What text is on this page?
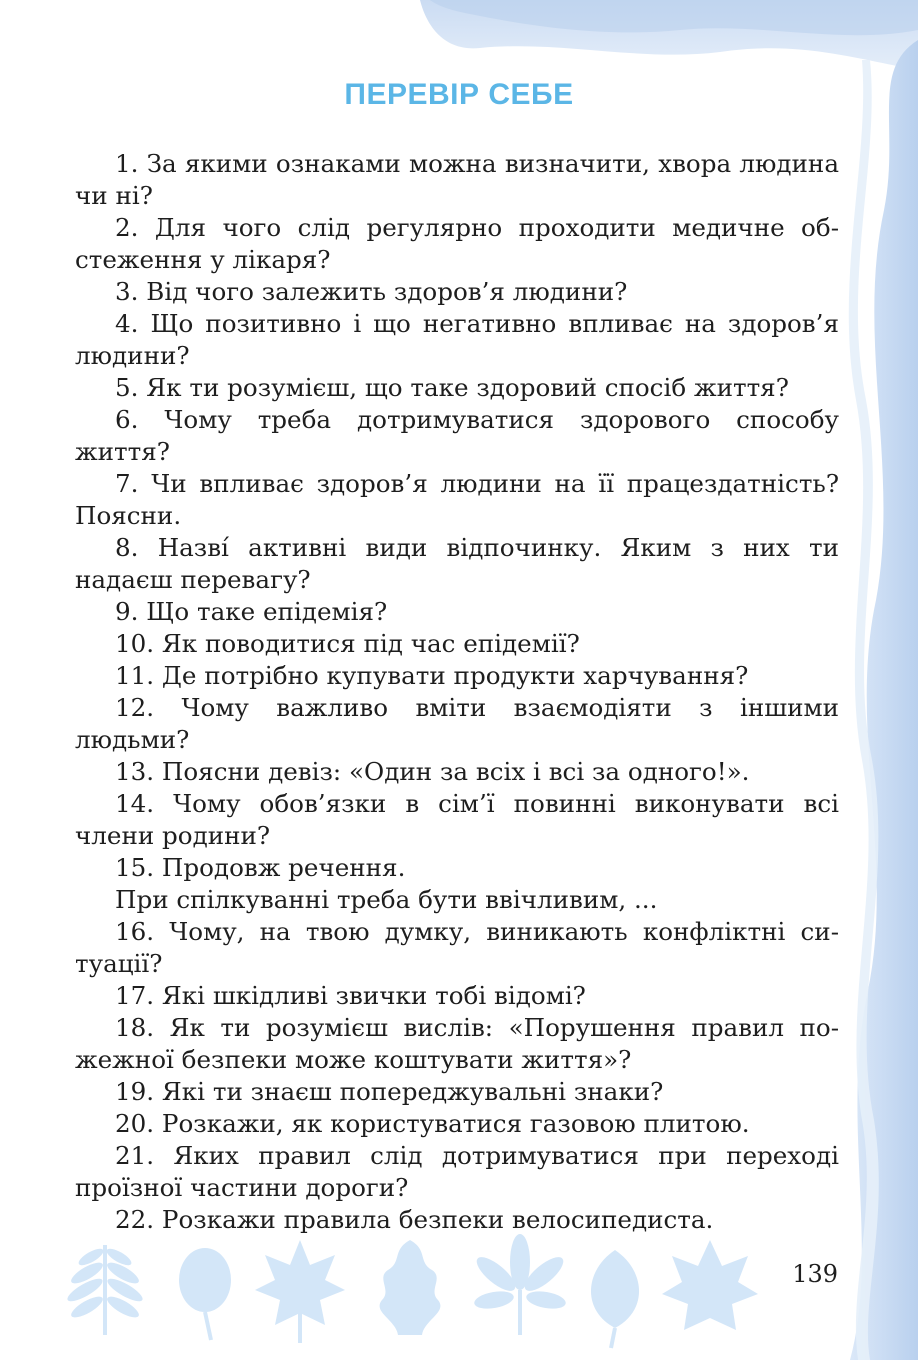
ПЕРЕВІР СЕБЕ

1. За якими ознаками можна визначити, хвора людина чи ні?

2. Для чого слід регулярно проходити медичне обстеження у лікаря?

3. Від чого залежить здоров’я людини?

4. Що позитивно і що негативно впливає на здоров’я людини?

5. Як ти розумієш, що таке здоровий спосіб життя?

6. Чому треба дотримуватися здорового способу життя?

7. Чи впливає здоров’я людини на її працездатність? Поясни.

8. Назві́ активні види відпочинку. Яким з них ти надаєш перевагу?

9. Що таке епідемія?

10. Як поводитися під час епідемії?

11. Де потрібно купувати продукти харчування?

12. Чому важливо вміти взаємодіяти з іншими людьми?

13. Поясни девіз: «Один за всіх і всі за одного!».

14. Чому обов’язки в сім’ї повинні виконувати всі члени родини?

15. Продовж речення.

При спілкуванні треба бути ввічливим, ...

16. Чому, на твою думку, виникають конфліктні ситуації?

17. Які шкідливі звички тобі відомі?

18. Як ти розумієш вислів: «Порушення правил пожежної безпеки може коштувати життя»?

19. Які ти знаєш попереджувальні знаки?

20. Розкажи, як користуватися газовою плитою.

21. Яких правил слід дотримуватися при переході проїзної частини дороги?

22. Розкажи правила безпеки велосипедиста.

139
